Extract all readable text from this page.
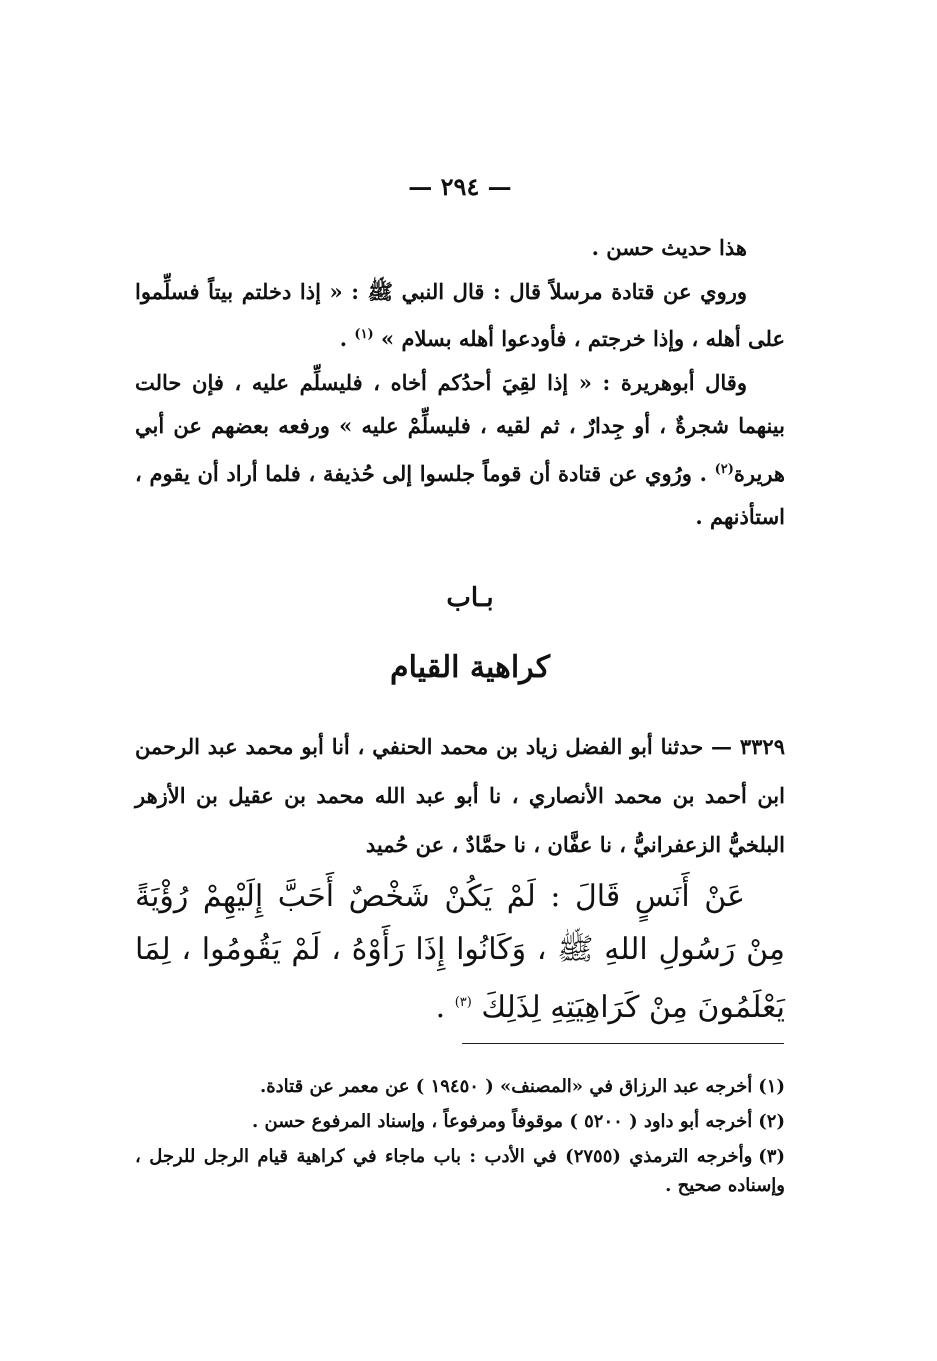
— ٢٩٤ —

هذا حديث حسن .

وروي عن قتادة مرسلاً قال : قال النبي ﷺ : « إذا دخلتم بيتاً فسلِّموا على أهله ، وإذا خرجتم ، فأودعوا أهله بسلام » $^{(١)}$ .

وقال أبوهريرة : « إذا لقِيَ أحدُكم أخاه ، فليسلِّم عليه ، فإن حالت بينهما شجرةٌ ، أو جِدارٌ ، ثم لقيه ، فليسلِّمْ عليه » ورفعه بعضهم عن أبي هريرة$^{(٢)}$ . ورُوي عن قتادة أن قوماً جلسوا إلى حُذيفة ، فلما أراد أن يقوم ، استأذنهم .

بـاب
كراهية القيام

٣٣٢٩ — حدثنا أبو الفضل زياد بن محمد الحنفي ، أنا أبو محمد عبد الرحمن ابن أحمد بن محمد الأنصاري ، نا أبو عبد الله محمد بن عقيل بن الأزهر البلخيُّ الزعفرانيُّ ، نا عفَّان ، نا حمَّادٌ ، عن حُميد

عَنْ أَنَسٍ قَالَ : لَمْ يَكُنْ شَخْصٌ أَحَبَّ إِلَيْهِمْ رُؤْيَةً مِنْ رَسُولِ اللهِ ﷺ ، وَكَانُوا إِذَا رَأَوْهُ ، لَمْ يَقُومُوا ، لِمَا يَعْلَمُونَ مِنْ كَرَاهِيَتِهِ لِذَلِكَ $^{(٣)}$ .

(١)أخرجه عبد الرزاق في «المصنف» ( ١٩٤٥٠ ) عن معمر عن قتادة.

(٢)أخرجه أبو داود ( ٥٢٠٠ ) موقوفاً ومرفوعاً ، وإسناد المرفوع حسن .

(٣)وأخرجه الترمذي (٢٧٥٥) في الأدب : باب ماجاء في كراهية قيام الرجل للرجل ، وإسناده صحيح .
